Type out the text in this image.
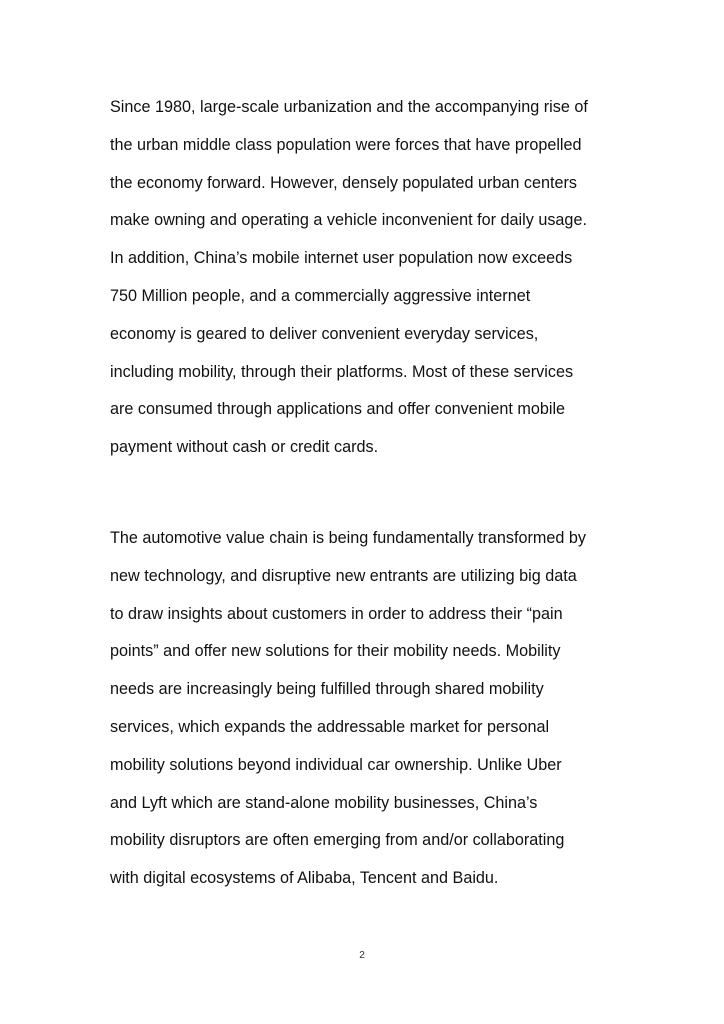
Since 1980, large-scale urbanization and the accompanying rise of
the urban middle class population were forces that have propelled
the economy forward. However, densely populated urban centers
make owning and operating a vehicle inconvenient for daily usage.
In addition, China’s mobile internet user population now exceeds
750 Million people, and a commercially aggressive internet
economy is geared to deliver convenient everyday services,
including mobility, through their platforms. Most of these services
are consumed through applications and offer convenient mobile
payment without cash or credit cards.

The automotive value chain is being fundamentally transformed by
new technology, and disruptive new entrants are utilizing big data
to draw insights about customers in order to address their “pain
points” and offer new solutions for their mobility needs. Mobility
needs are increasingly being fulfilled through shared mobility
services, which expands the addressable market for personal
mobility solutions beyond individual car ownership. Unlike Uber
and Lyft which are stand-alone mobility businesses, China’s
mobility disruptors are often emerging from and/or collaborating
with digital ecosystems of Alibaba, Tencent and Baidu.

2
